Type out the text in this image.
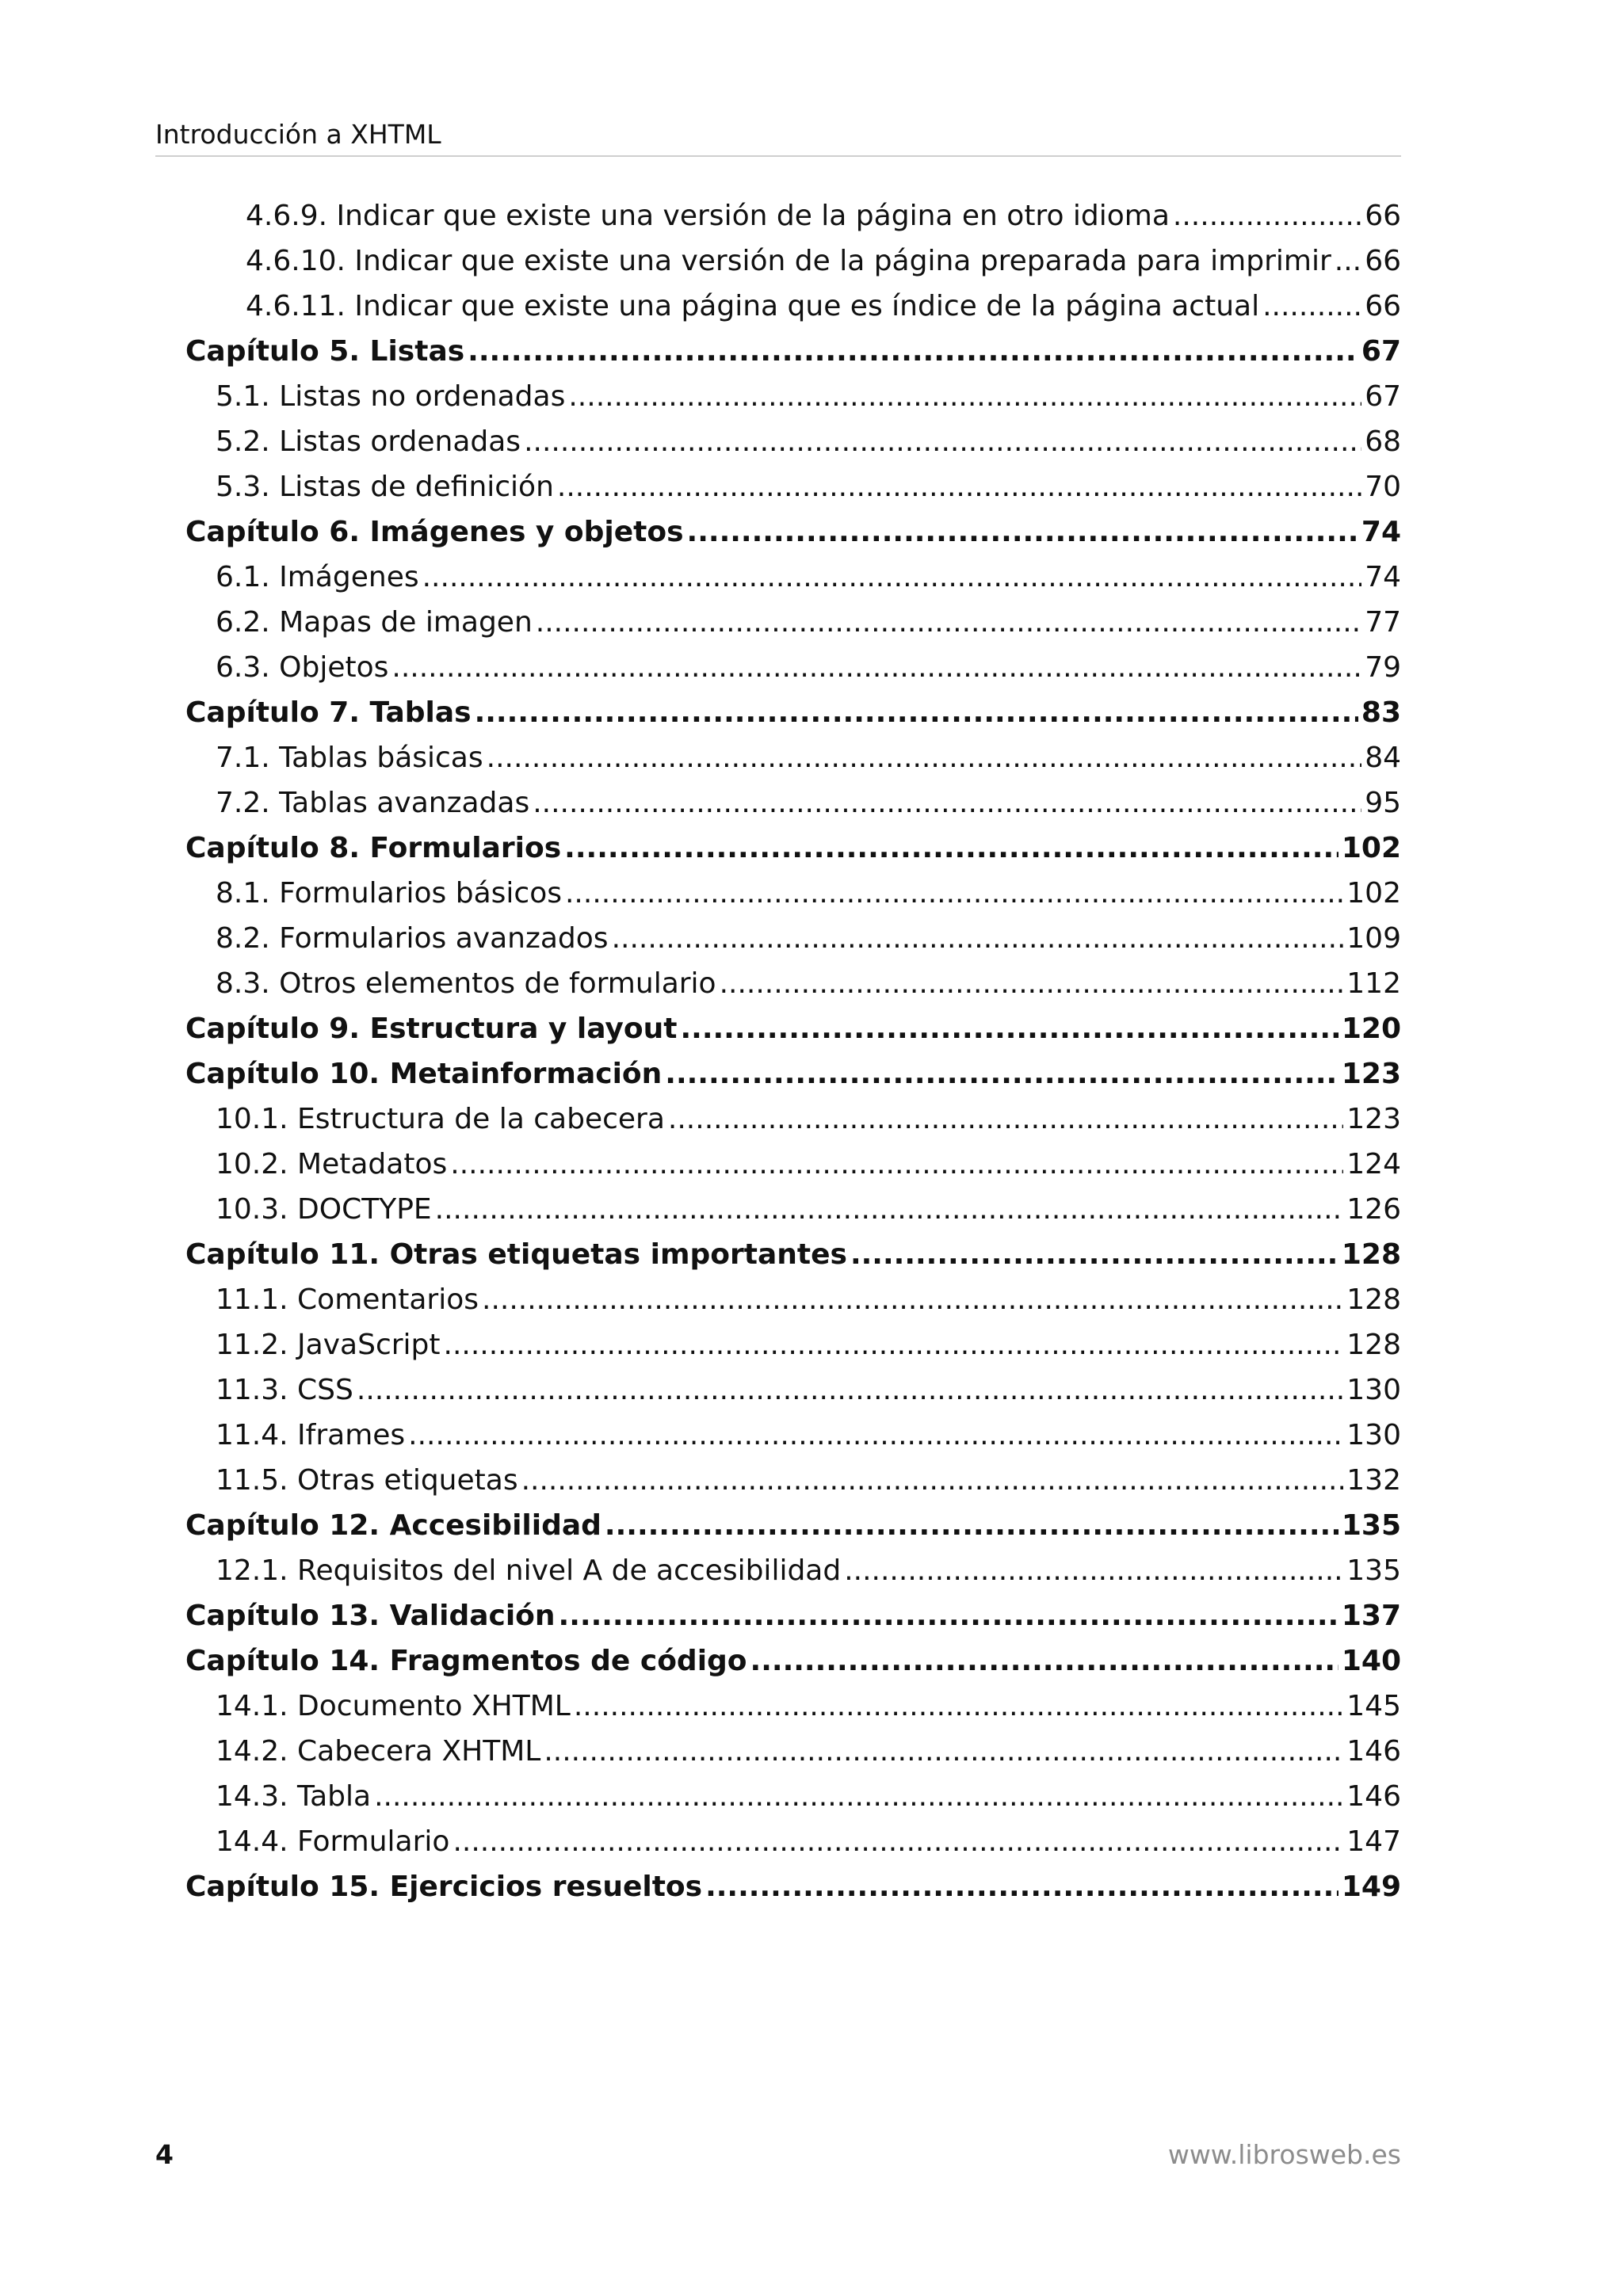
Introducción a XHTML
4.6.9. Indicar que existe una versión de la página en otro idioma .....	66
4.6.10. Indicar que existe una versión de la página preparada para imprimir ..... 66
4.6.11. Indicar que existe una página que es índice de la página actual .....	66
Capítulo 5. Listas .....	67
5.1. Listas no ordenadas .....	67
5.2. Listas ordenadas .....	68
5.3. Listas de definición .....	70
Capítulo 6. Imágenes y objetos .....	74
6.1. Imágenes .....	74
6.2. Mapas de imagen .....	77
6.3. Objetos .....	79
Capítulo 7. Tablas .....	83
7.1. Tablas básicas .....	84
7.2. Tablas avanzadas .....	95
Capítulo 8. Formularios .....	102
8.1. Formularios básicos .....	102
8.2. Formularios avanzados .....	109
8.3. Otros elementos de formulario .....	112
Capítulo 9. Estructura y layout .....	120
Capítulo 10. Metainformación .....	123
10.1. Estructura de la cabecera .....	123
10.2. Metadatos .....	124
10.3. DOCTYPE .....	126
Capítulo 11. Otras etiquetas importantes .....	128
11.1. Comentarios .....	128
11.2. JavaScript .....	128
11.3. CSS .....	130
11.4. Iframes .....	130
11.5. Otras etiquetas .....	132
Capítulo 12. Accesibilidad .....	135
12.1. Requisitos del nivel A de accesibilidad .....	135
Capítulo 13. Validación .....	137
Capítulo 14. Fragmentos de código .....	140
14.1. Documento XHTML .....	145
14.2. Cabecera XHTML .....	146
14.3. Tabla .....	146
14.4. Formulario .....	147
Capítulo 15. Ejercicios resueltos .....	149
4	www.librosweb.es
